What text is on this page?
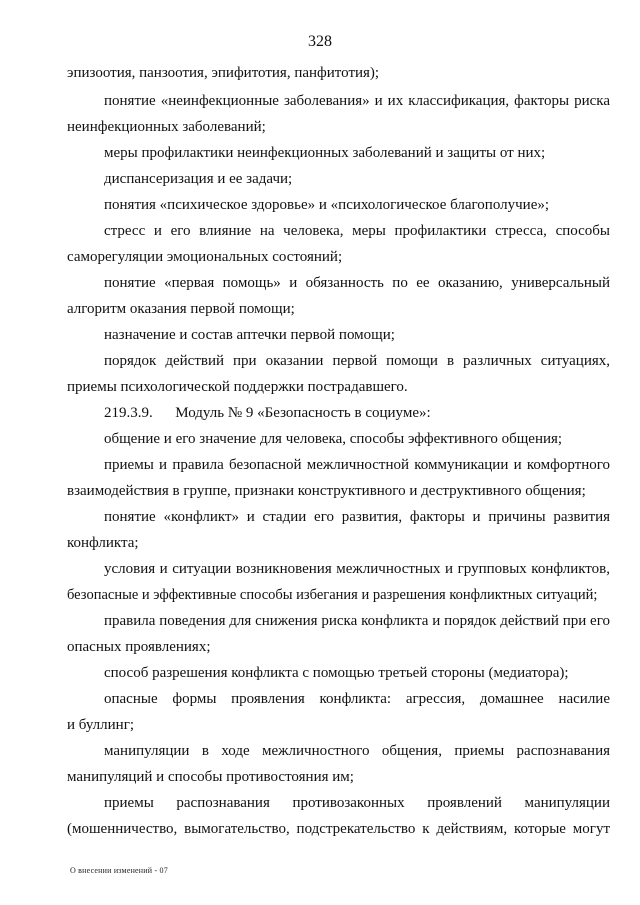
328
эпизоотия, панзоотия, эпифитотия, панфитотия);
понятие «неинфекционные заболевания» и их классификация, факторы риска
неинфекционных заболеваний;
меры профилактики неинфекционных заболеваний и защиты от них;
диспансеризация и ее задачи;
понятия «психическое здоровье» и «психологическое благополучие»;
стресс и его влияние на человека, меры профилактики стресса, способы
саморегуляции эмоциональных состояний;
понятие «первая помощь» и обязанность по ее оказанию, универсальный
алгоритм оказания первой помощи;
назначение и состав аптечки первой помощи;
порядок действий при оказании первой помощи в различных ситуациях,
приемы психологической поддержки пострадавшего.
219.3.9.      Модуль № 9 «Безопасность в социуме»:
общение и его значение для человека, способы эффективного общения;
приемы и правила безопасной межличностной коммуникации и комфортного
взаимодействия в группе, признаки конструктивного и деструктивного общения;
понятие «конфликт» и стадии его развития, факторы и причины развития
конфликта;
условия и ситуации возникновения межличностных и групповых конфликтов,
безопасные и эффективные способы избегания и разрешения конфликтных ситуаций;
правила поведения для снижения риска конфликта и порядок действий при его
опасных проявлениях;
способ разрешения конфликта с помощью третьей стороны (медиатора);
опасные формы проявления конфликта: агрессия, домашнее насилие
и буллинг;
манипуляции в ходе межличностного общения, приемы распознавания
манипуляций и способы противостояния им;
приемы распознавания противозаконных проявлений манипуляции
(мошенничество, вымогательство, подстрекательство к действиям, которые могут
О внесении изменений - 07
